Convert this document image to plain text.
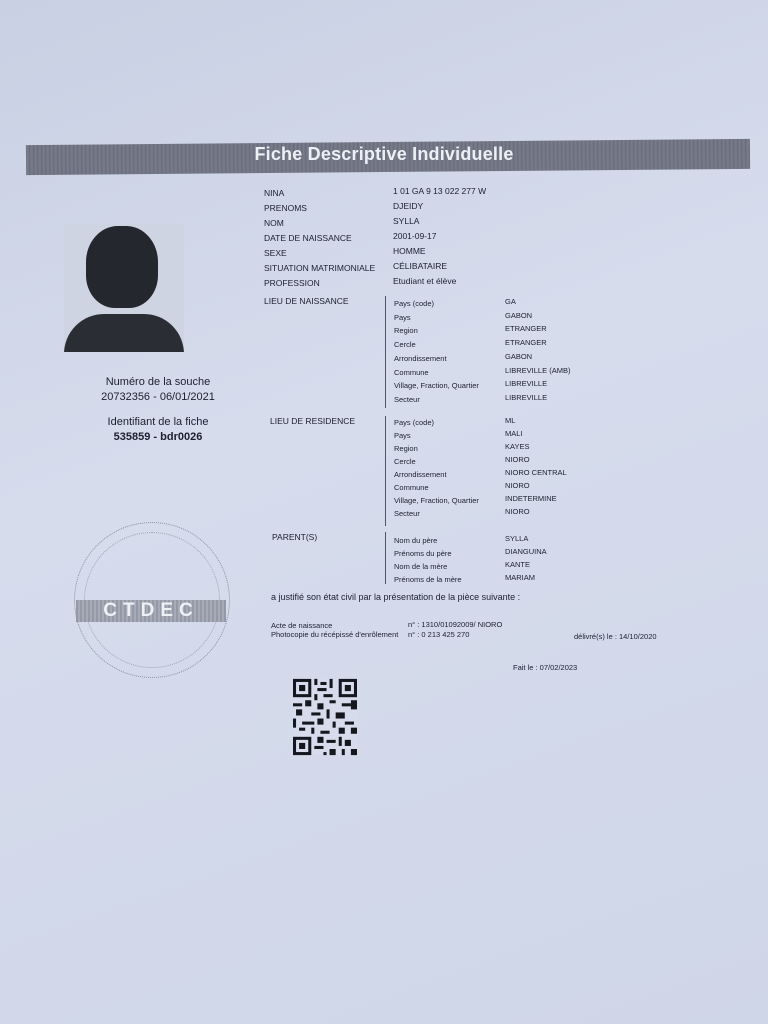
Fiche Descriptive Individuelle
Numéro de la souche
20732356 - 06/01/2021
Identifiant de la fiche
535859 - bdr0026
NINA	1 01 GA 9 13 022 277 W
PRENOMS	DJEIDY
NOM	SYLLA
DATE DE NAISSANCE	2001-09-17
SEXE	HOMME
SITUATION MATRIMONIALE CÉLIBATAIRE
PROFESSION	Etudiant et élève
LIEU DE NAISSANCE	Pays (code)	GA
Pays	GABON
Region	ETRANGER
Cercle	ETRANGER
Arrondissement	GABON
Commune	LIBREVILLE (AMB)
Village, Fraction, Quartier	LIBREVILLE
Secteur	LIBREVILLE
LIEU DE RESIDENCE	Pays (code)	ML
Pays	MALI
Region	KAYES
Cercle	NIORO
Arrondissement	NIORO CENTRAL
Commune	NIORO
Village, Fraction, Quartier	INDETERMINE
Secteur	NIORO
PARENT(S)	Nom du père	SYLLA
Prénoms du père	DIANGUINA
Nom de la mère	KANTE
Prénoms de la mère	MARIAM
a justifié son état civil par la présentation de la pièce suivante :
Acte de naissance	n° : 1310/01092009/ NIORO
Photocopie du récépissé d'enrôlement n° : 0 213 425 270	délivré(s) le : 14/10/2020
Fait le : 07/02/2023
CTDEC
